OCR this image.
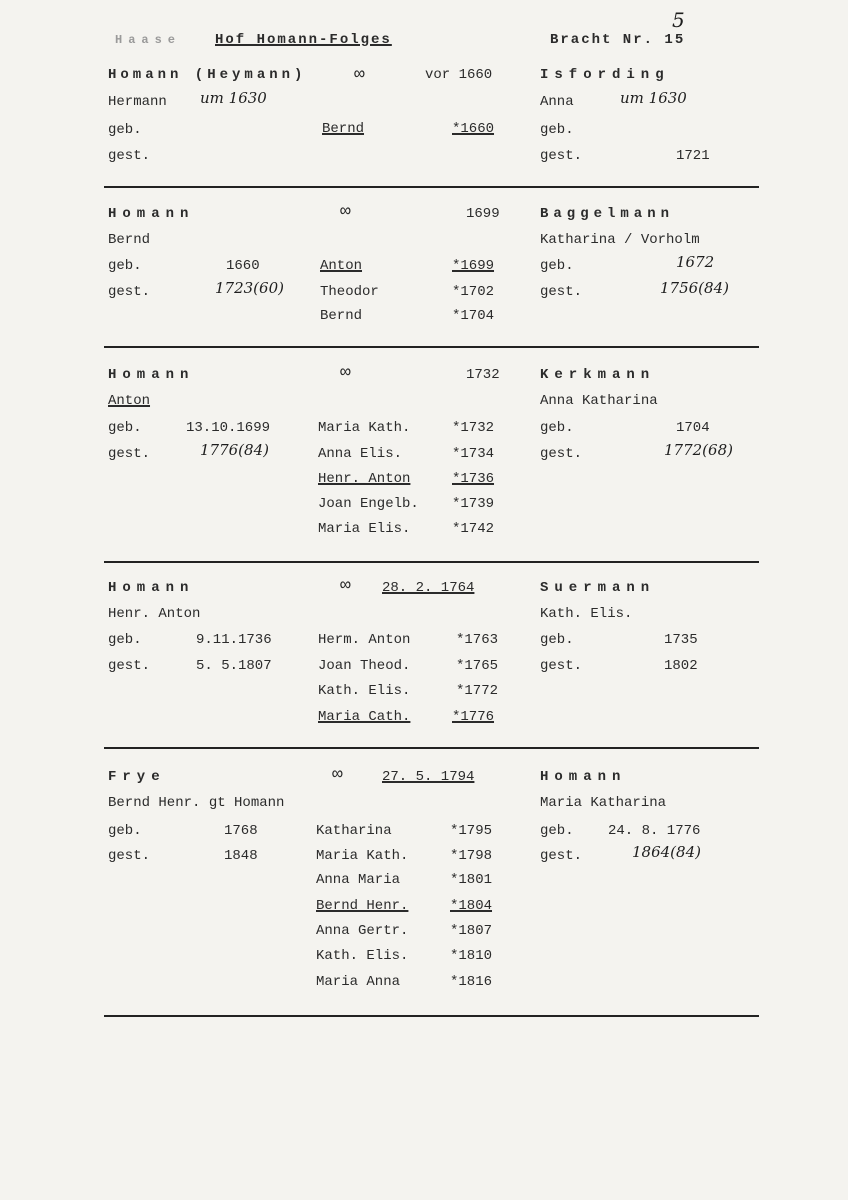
Haase Hof Homann-Folges	Bracht Nr. 15
5
Homann (Heymann)	∞	vor 1660	Isfording
Hermann um 1630	Anna	um 1630
geb.
gest.
geb.
gest.	1721
Bernd	*1660
Homann	∞	1699	Baggelmann
Bernd	Katharina / Vorholm
geb.	1660
gest.	1723(60)
geb.	1672
gest.	1756(84)
Anton	*1699
Theodor	*1702
Bernd	*1704
Homann	∞	1732	Kerkmann
Anton	Anna Katharina
geb.	13.10.1699
gest.	1776(84)
geb.	1704
gest.	1772(68)
Maria Kath.	*1732
Anna Elis.	*1734
Henr. Anton	*1736
Joan Engelb. *1739
Maria Elis.	*1742
Homann	∞ 28. 2. 1764	Suermann
Henr. Anton	Kath. Elis.
geb.	9.11.1736
gest.	5. 5.1807
geb.	1735
gest.	1802
Herm. Anton	*1763
Joan Theod.	*1765
Kath. Elis.	*1772
Maria Cath.	*1776
Frye	∞	27. 5. 1794	Homann
Bernd Henr. gt Homann	Maria Katharina
geb.	1768
gest.	1848
geb. 24. 8. 1776
gest.	1864(84)
Katharina	*1795
Maria Kath.	*1798
Anna Maria	*1801
Bernd Henr.	*1804
Anna Gertr.	*1807
Kath. Elis.	*1810
Maria Anna	*1816
